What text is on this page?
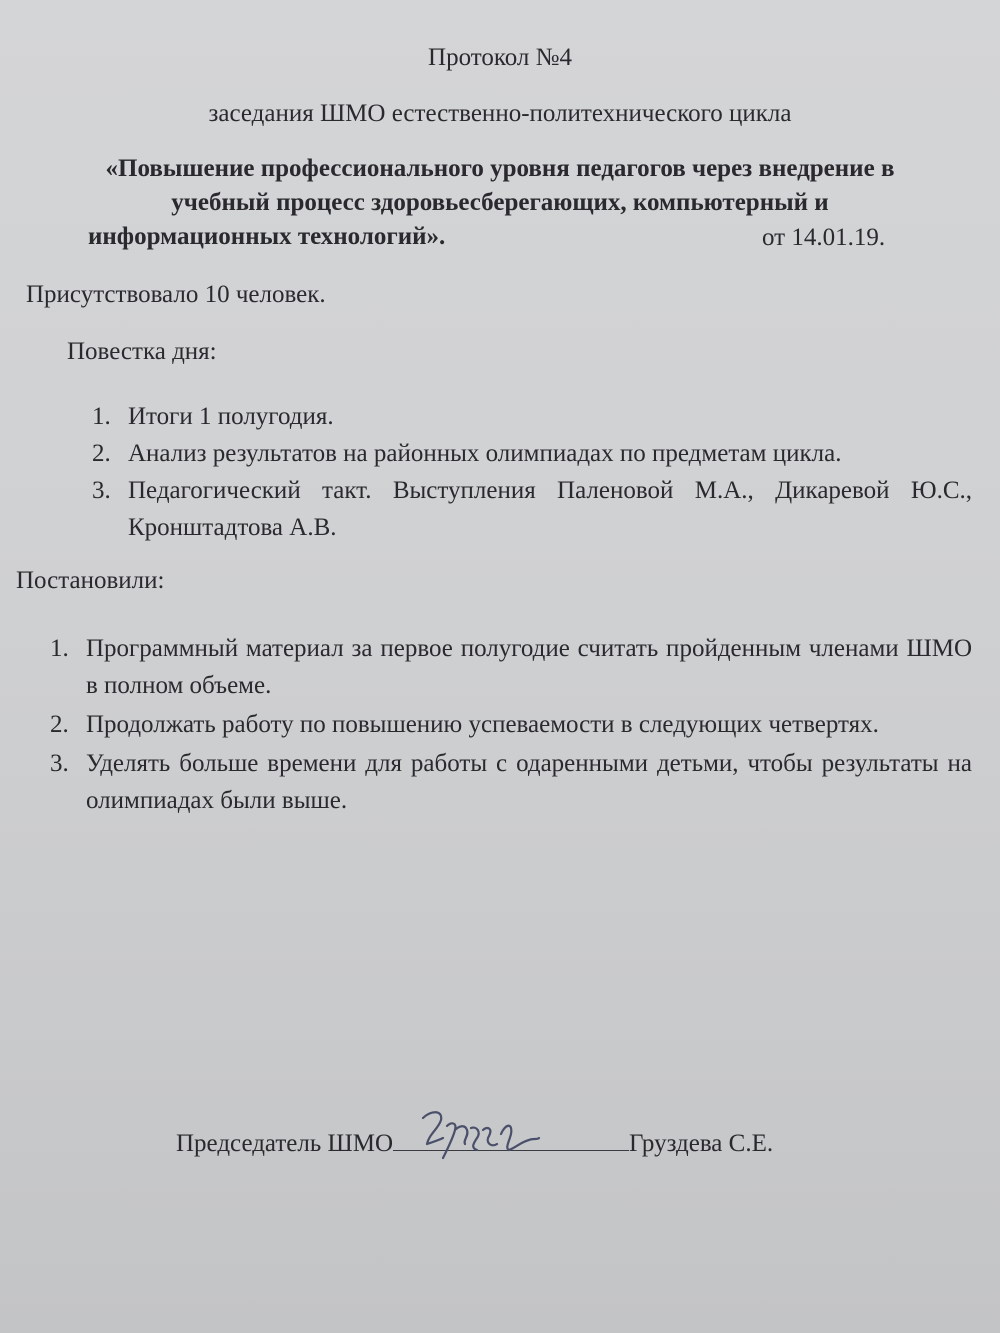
Протокол №4
заседания ШМО естественно-политехнического цикла
«Повышение профессионального уровня педагогов через внедрение в
учебный процесс здоровьесберегающих, компьютерный и
информационных технологий».	от 14.01.19.
Присутствовало 10 человек.
Повестка дня:
1. Итоги 1 полугодия.
2. Анализ результатов на районных олимпиадах по предметам цикла.
3. Педагогический такт. Выступления Паленовой М.А., Дикаревой Ю.С., Кронштадтова А.В.
Постановили:
1. Программный материал за первое полугодие считать пройденным членами ШМО в полном объеме.
2. Продолжать работу по повышению успеваемости в следующих четвертях.
3. Уделять больше времени для работы с одаренными детьми, чтобы результаты на олимпиадах были выше.
Председатель ШМО	Груздева С.Е.
